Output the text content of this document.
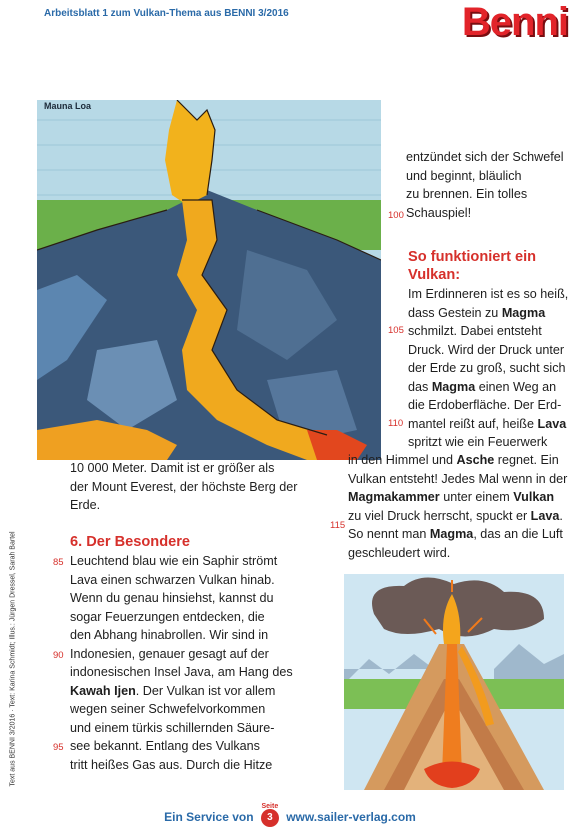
Arbeitsblatt 1 zum Vulkan-Thema aus BENNI 3/2016	Benni
Mauna Loa

entzündet sich der Schwefel

und beginnt, bläulich

zu brennen. Ein tolles

Schauspiel!

100
So funktioniert ein
Vulkan:

Im Erdinneren ist es so heiß,

dass Gestein zu Magma

schmilzt. Dabei entsteht

Druck. Wird der Druck unter

der Erde zu groß, sucht sich

das Magma einen Weg an

die Erdoberfläche. Der Erd-

mantel reißt auf, heiße Lava

spritzt wie ein Feuerwerk

105
110

in den Himmel und Asche regnet. Ein

Vulkan entsteht! Jedes Mal wenn in der

Magmakammer unter einem Vulkan

zu viel Druck herrscht, spuckt er Lava.

So nennt man Magma, das an die Luft

geschleudert wird.

115

10 000 Meter. Damit ist er größer als

der Mount Everest, der höchste Berg der

Erde.

6. Der Besondere

Leuchtend blau wie ein Saphir strömt

Lava einen schwarzen Vulkan hinab.

Wenn du genau hinsiehst, kannst du

sogar Feuerzungen entdecken, die

den Abhang hinabrollen. Wir sind in

Indonesien, genauer gesagt auf der

indonesischen Insel Java, am Hang des

Kawah Ijen. Der Vulkan ist vor allem

wegen seiner Schwefelvorkommen

und einem türkis schillernden Säure-

see bekannt. Entlang des Vulkans

tritt heißes Gas aus. Durch die Hitze

85
90
95
Text aus BENNI 3/2016 · Text: Karina Schmidt; Illus.: Jürgen Dressel, Sarah Bartel
Ein Service von
Seite
3 www.sailer-verlag.com
